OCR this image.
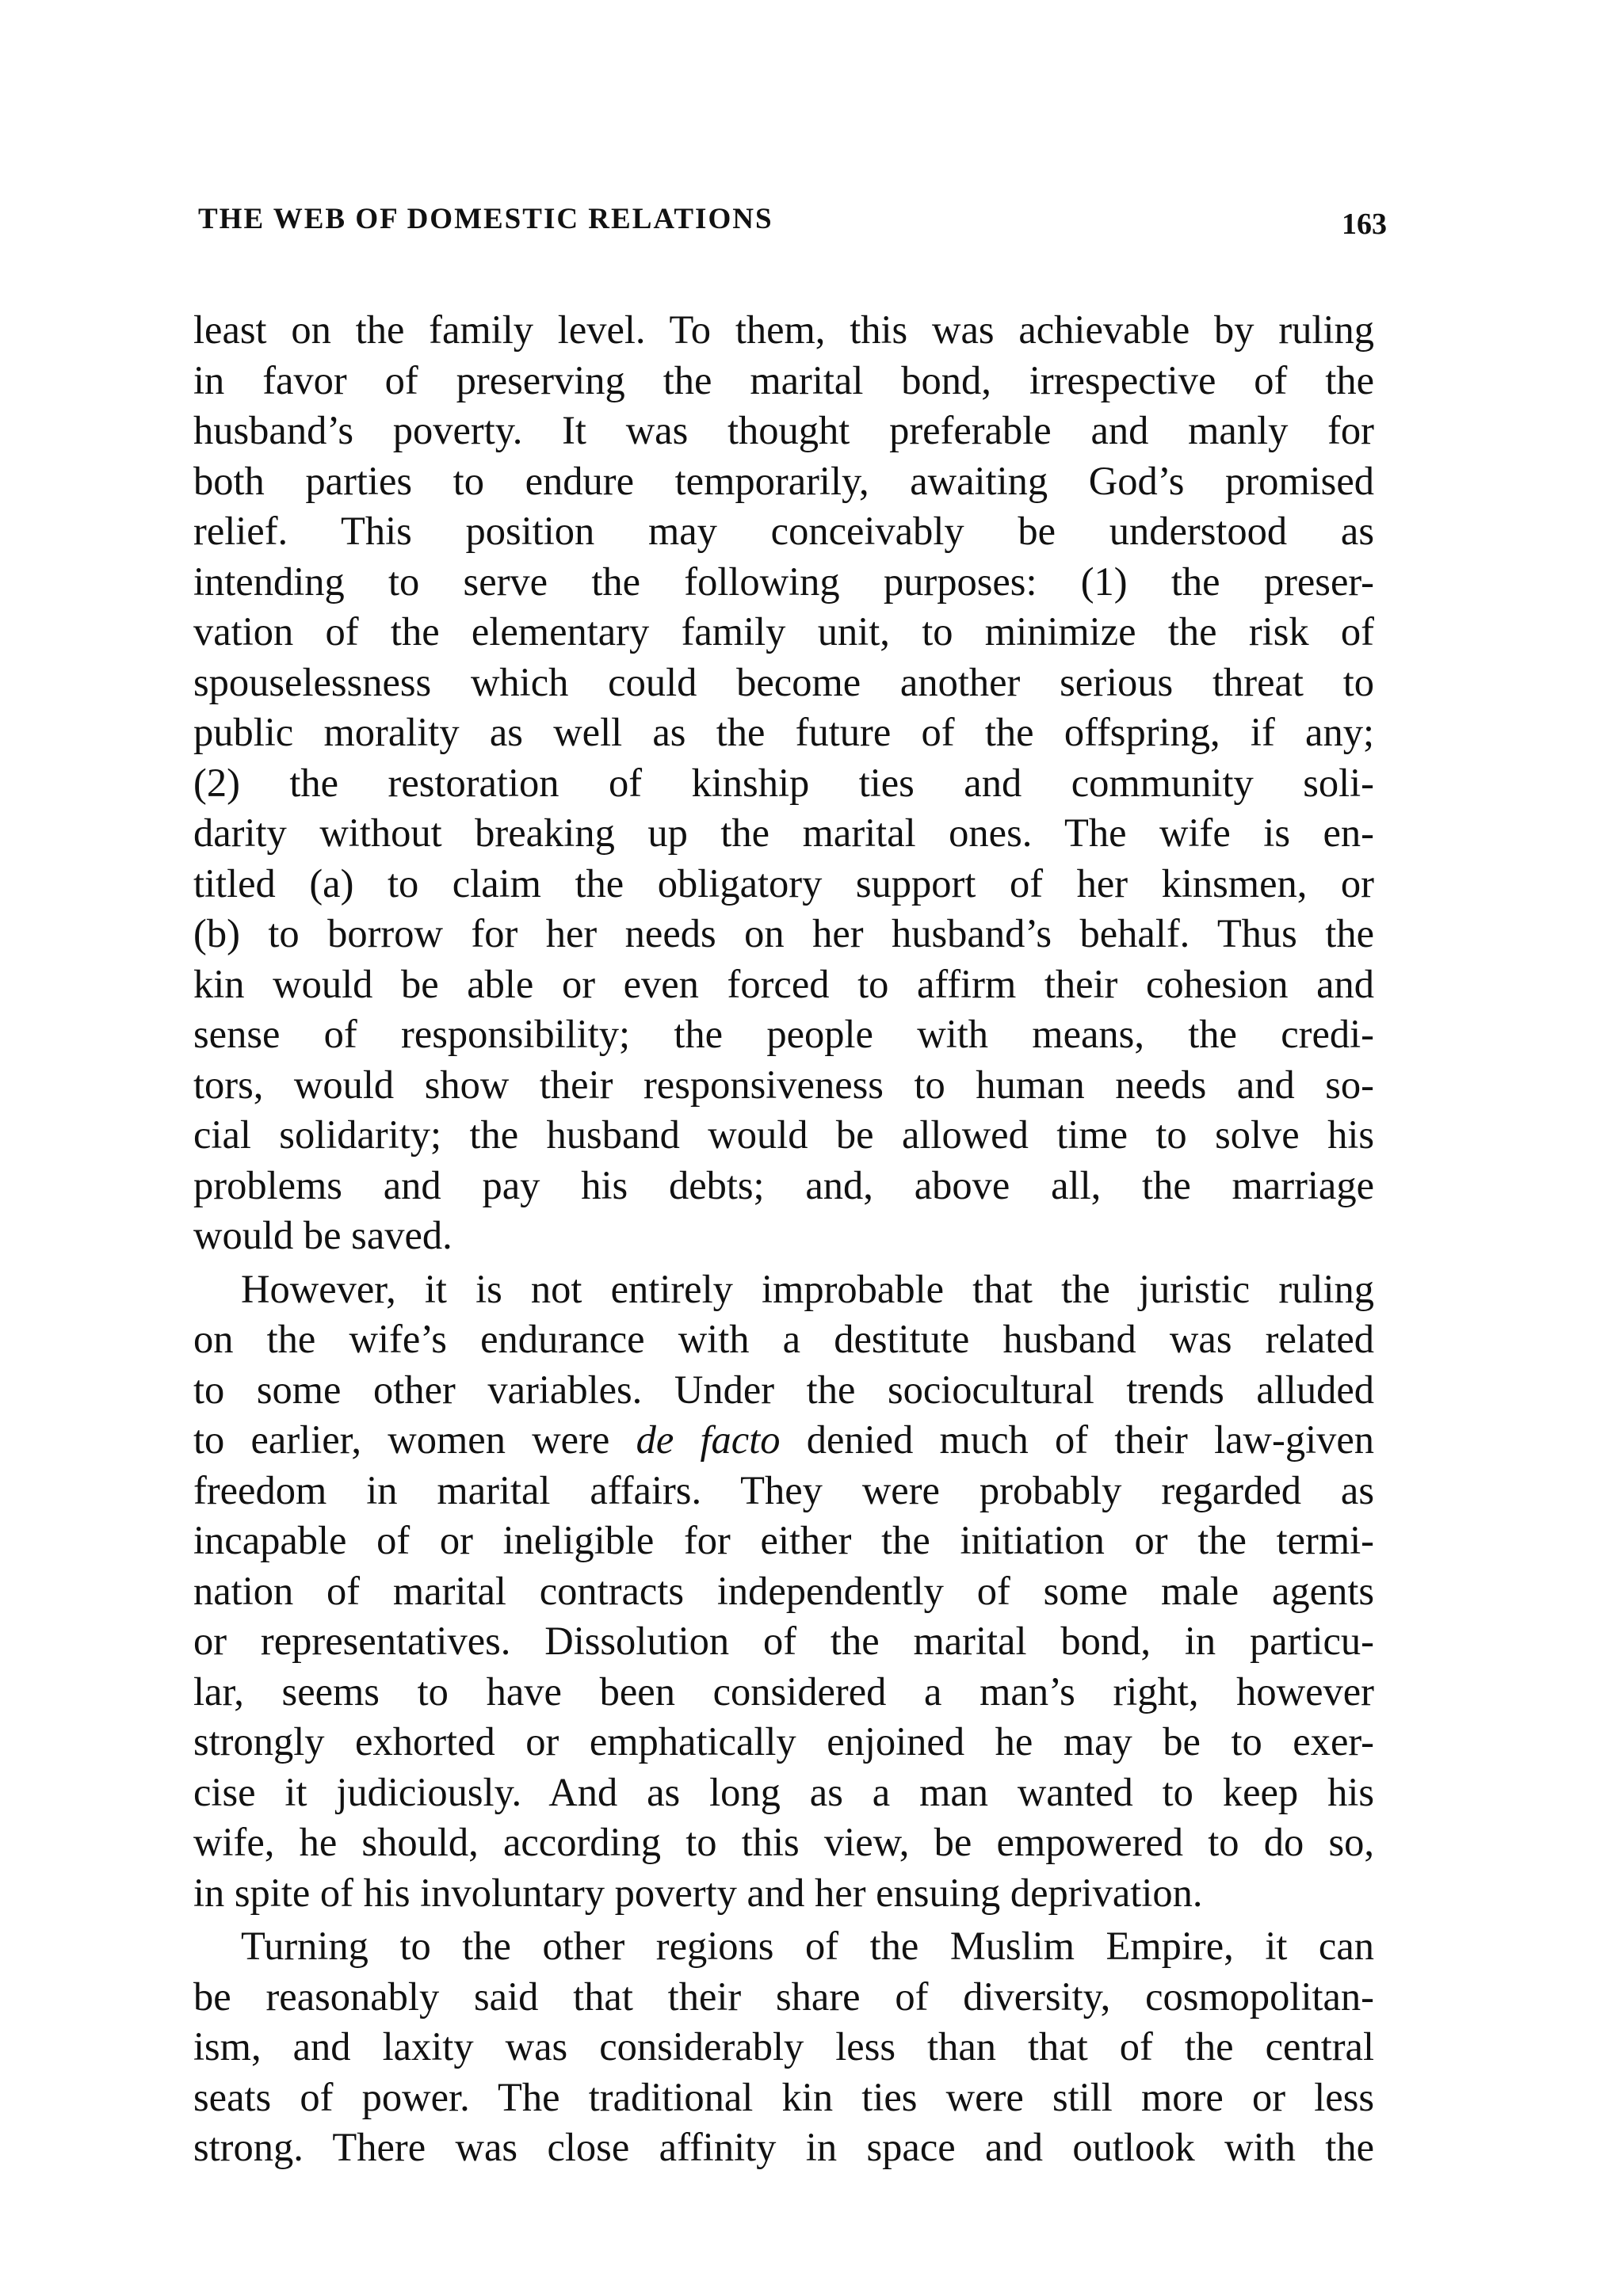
THE WEB OF DOMESTIC RELATIONS	163
least on the family level. To them, this was achievable by ruling
in favor of preserving the marital bond, irrespective of the
husband’s poverty. It was thought preferable and manly for
both parties to endure temporarily, awaiting God’s promised
relief. This position may conceivably be understood as
intending to serve the following purposes: (1) the preser-
vation of the elementary family unit, to minimize the risk of
spouselessness which could become another serious threat to
public morality as well as the future of the offspring, if any;
(2) the restoration of kinship ties and community soli-
darity without breaking up the marital ones. The wife is en-
titled (a) to claim the obligatory support of her kinsmen, or
(b) to borrow for her needs on her husband’s behalf. Thus the
kin would be able or even forced to affirm their cohesion and
sense of responsibility; the people with means, the credi-
tors, would show their responsiveness to human needs and so-
cial solidarity; the husband would be allowed time to solve his
problems and pay his debts; and, above all, the marriage
would be saved.
However, it is not entirely improbable that the juristic ruling
on the wife’s endurance with a destitute husband was related
to some other variables. Under the sociocultural trends alluded
to earlier, women were de facto denied much of their law-given
freedom in marital affairs. They were probably regarded as
incapable of or ineligible for either the initiation or the termi-
nation of marital contracts independently of some male agents
or representatives. Dissolution of the marital bond, in particu-
lar, seems to have been considered a man’s right, however
strongly exhorted or emphatically enjoined he may be to exer-
cise it judiciously. And as long as a man wanted to keep his
wife, he should, according to this view, be empowered to do so,
in spite of his involuntary poverty and her ensuing deprivation.
Turning to the other regions of the Muslim Empire, it can
be reasonably said that their share of diversity, cosmopolitan-
ism, and laxity was considerably less than that of the central
seats of power. The traditional kin ties were still more or less
strong. There was close affinity in space and outlook with the
